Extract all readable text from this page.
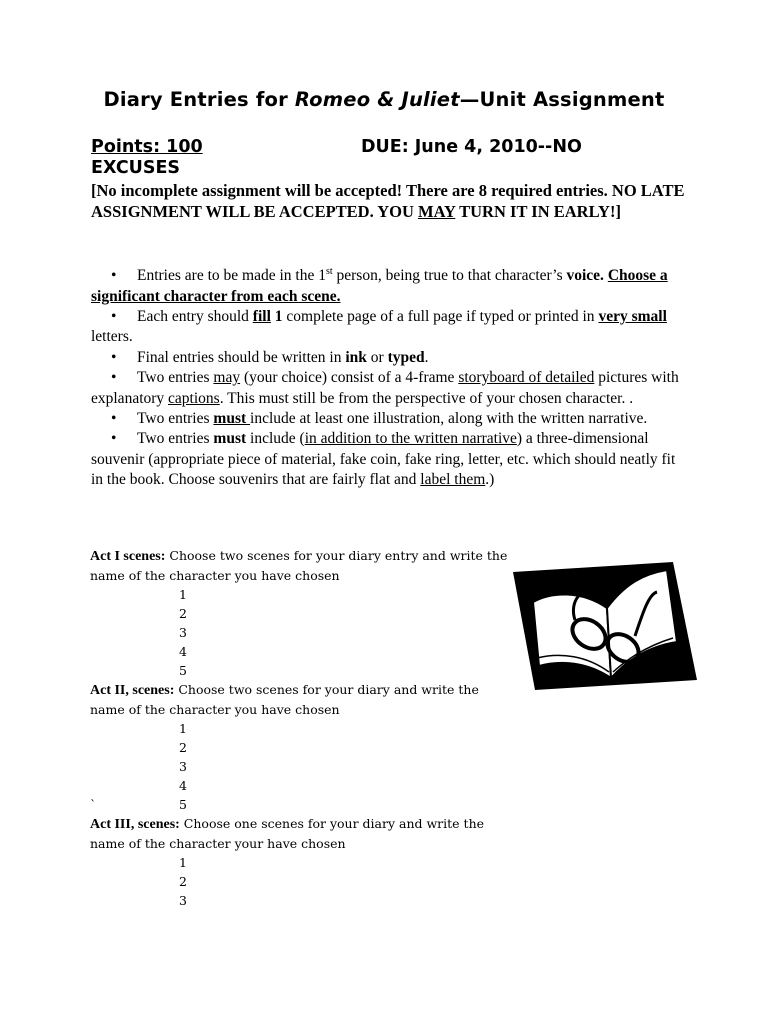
Diary Entries for Romeo & Juliet—Unit Assignment
Points: 100	DUE: June 4, 2010--NO
EXCUSES
[No incomplete assignment will be accepted! There are 8 required entries. NO LATE ASSIGNMENT WILL BE ACCEPTED. YOU MAY TURN IT IN EARLY!]
• Entries are to be made in the 1st person, being true to that character’s voice. Choose a significant character from each scene.
• Each entry should fill 1 complete page of a full page if typed or printed in very small letters.
• Final entries should be written in ink or typed.
• Two entries may (your choice) consist of a 4-frame storyboard of detailed pictures with explanatory captions. This must still be from the perspective of your chosen character. .
• Two entries must include at least one illustration, along with the written narrative.
• Two entries must include (in addition to the written narrative) a three-dimensional souvenir (appropriate piece of material, fake coin, fake ring, letter, etc. which should neatly fit in the book. Choose souvenirs that are fairly flat and label them.)
Act I scenes: Choose two scenes for your diary entry and write the name of the character you have chosen
1
2
3
4
5
Act II, scenes: Choose two scenes for your diary and write the name of the character you have chosen
1
2
3
4
`	5
Act III, scenes: Choose one scenes for your diary and write the name of the character your have chosen
1
2
3
